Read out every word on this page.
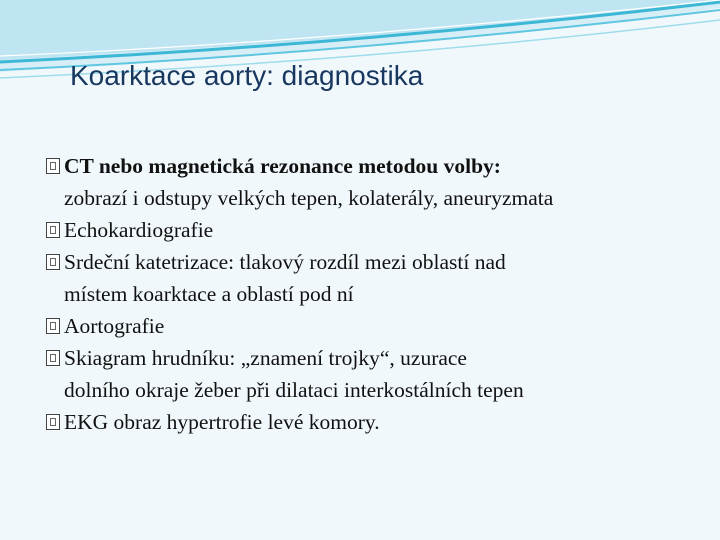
Koarktace aorty: diagnostika
CT nebo magnetická rezonance metodou volby:
zobrazí i odstupy velkých tepen, kolaterály, aneuryzmata
Echokardiografie
Srdeční katetrizace: tlakový rozdíl mezi oblastí nad
místem koarktace a oblastí pod ní
Aortografie
Skiagram hrudníku: „znamení trojky“, uzurace
dolního okraje žeber při dilataci interkostálních tepen
EKG obraz hypertrofie levé komory.
